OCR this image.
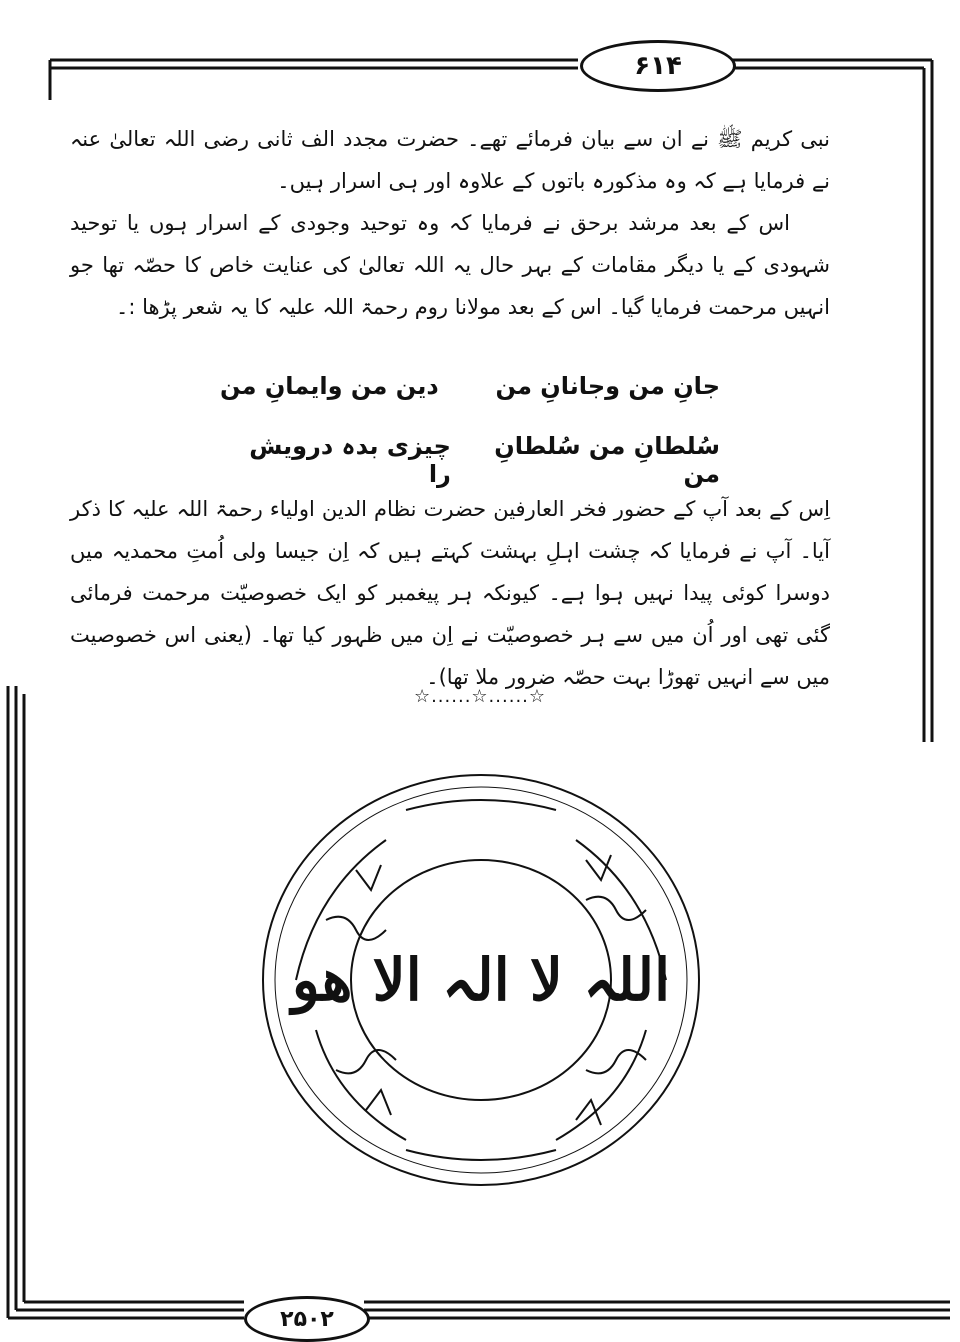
۶۱۴

نبی کریم ﷺ نے ان سے بیان فرمائے تھے۔ حضرت مجدد الف ثانی رضی اللہ تعالیٰ عنہ نے فرمایا ہے کہ وہ مذکورہ باتوں کے علاوہ اور ہی اسرار ہیں۔

اس کے بعد مرشد برحق نے فرمایا کہ وہ توحید وجودی کے اسرار ہوں یا توحید شہودی کے یا دیگر مقامات کے بہر حال یہ اللہ تعالیٰ کی عنایت خاص کا حصّہ تھا جو انہیں مرحمت فرمایا گیا۔ اس کے بعد مولانا روم رحمۃ اللہ علیہ کا یہ شعر پڑھا :۔

جانِ من وجانانِ من
دین من وایمانِ من
سُلطانِ من سُلطانِ من
چیزی بدہ درویش را
اِس کے بعد آپ کے حضور فخر العارفین حضرت نظام الدین اولیاء رحمۃ اللہ علیہ کا ذکر آیا۔ آپ نے فرمایا کہ چشت اہلِ بہشت کہتے ہیں کہ اِن جیسا ولی اُمتِ محمدیہ میں دوسرا کوئی پیدا نہیں ہوا ہے۔ کیونکہ ہر پیغمبر کو ایک خصوصیّت مرحمت فرمائی گئی تھی اور اُن میں سے ہر خصوصیّت نے اِن میں ظہور کیا تھا۔ (یعنی اس خصوصیت میں سے انہیں تھوڑا بہت حصّہ ضرور ملا تھا)۔
☆......☆......☆
اللہ لا الہ الا ھو
۲۵۰۲
